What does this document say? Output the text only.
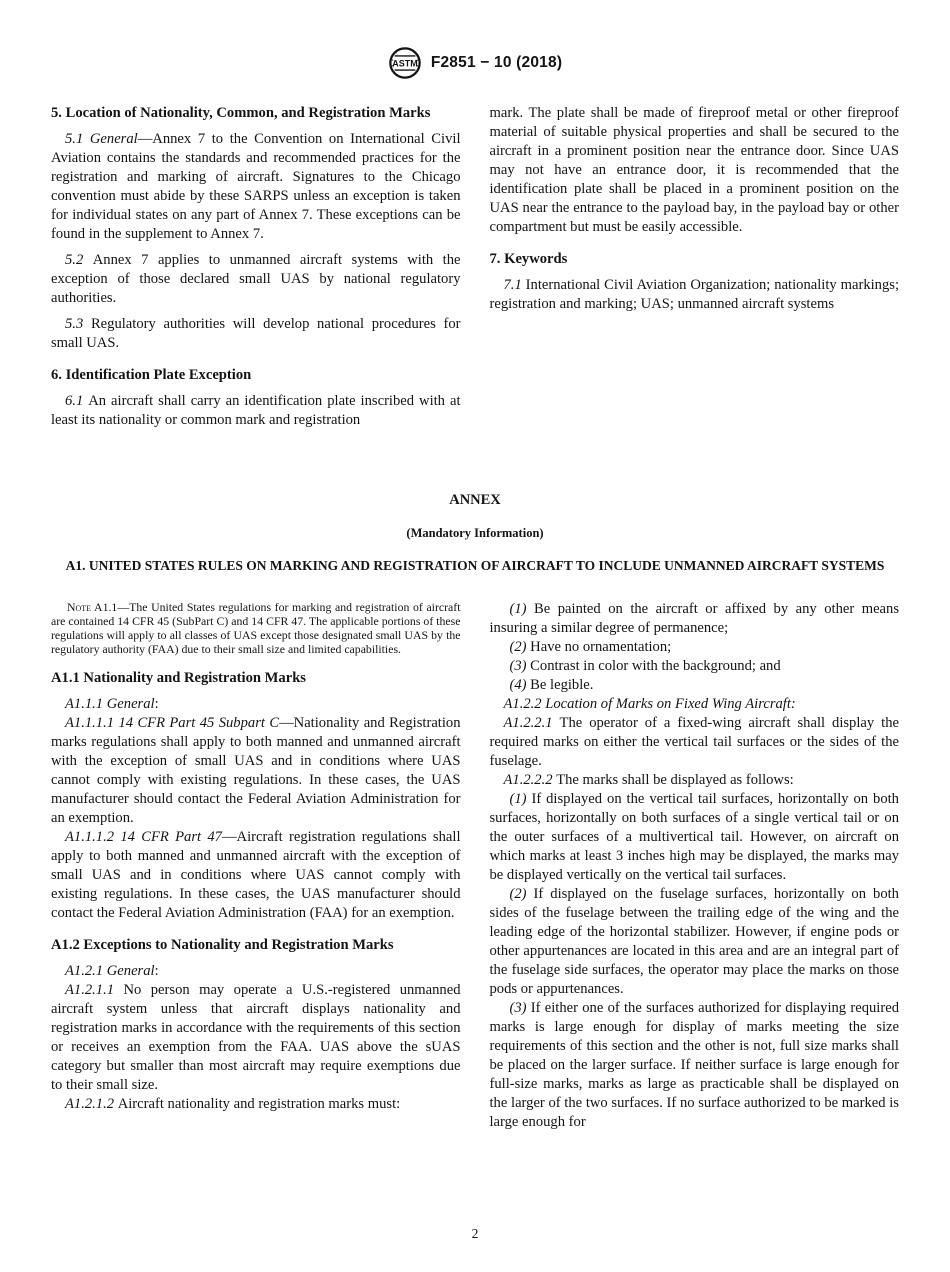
ASTM F2851 − 10 (2018)
5. Location of Nationality, Common, and Registration Marks
5.1 General—Annex 7 to the Convention on International Civil Aviation contains the standards and recommended practices for the registration and marking of aircraft. Signatures to the Chicago convention must abide by these SARPS unless an exception is taken for individual states on any part of Annex 7. These exceptions can be found in the supplement to Annex 7.
5.2 Annex 7 applies to unmanned aircraft systems with the exception of those declared small UAS by national regulatory authorities.
5.3 Regulatory authorities will develop national procedures for small UAS.
6. Identification Plate Exception
6.1 An aircraft shall carry an identification plate inscribed with at least its nationality or common mark and registration
mark. The plate shall be made of fireproof metal or other fireproof material of suitable physical properties and shall be secured to the aircraft in a prominent position near the entrance door. Since UAS may not have an entrance door, it is recommended that the identification plate shall be placed in a prominent position on the UAS near the entrance to the payload bay, in the payload bay or other compartment but must be easily accessible.
7. Keywords
7.1 International Civil Aviation Organization; nationality markings; registration and marking; UAS; unmanned aircraft systems
ANNEX
(Mandatory Information)
A1. UNITED STATES RULES ON MARKING AND REGISTRATION OF AIRCRAFT TO INCLUDE UNMANNED AIRCRAFT SYSTEMS
Note A1.1—The United States regulations for marking and registration of aircraft are contained 14 CFR 45 (SubPart C) and 14 CFR 47. The applicable portions of these regulations will apply to all classes of UAS except those designated small UAS by the regulatory authority (FAA) due to their small size and limited capabilities.
A1.1 Nationality and Registration Marks
A1.1.1 General:
A1.1.1.1 14 CFR Part 45 Subpart C—Nationality and Registration marks regulations shall apply to both manned and unmanned aircraft with the exception of small UAS and in conditions where UAS cannot comply with existing regulations. In these cases, the UAS manufacturer should contact the Federal Aviation Administration for an exemption.
A1.1.1.2 14 CFR Part 47—Aircraft registration regulations shall apply to both manned and unmanned aircraft with the exception of small UAS and in conditions where UAS cannot comply with existing regulations. In these cases, the UAS manufacturer should contact the Federal Aviation Administration (FAA) for an exemption.
A1.2 Exceptions to Nationality and Registration Marks
A1.2.1 General:
A1.2.1.1 No person may operate a U.S.-registered unmanned aircraft system unless that aircraft displays nationality and registration marks in accordance with the requirements of this section or receives an exemption from the FAA. UAS above the sUAS category but smaller than most aircraft may require exemptions due to their small size.
A1.2.1.2 Aircraft nationality and registration marks must:
(1) Be painted on the aircraft or affixed by any other means insuring a similar degree of permanence;
(2) Have no ornamentation;
(3) Contrast in color with the background; and
(4) Be legible.
A1.2.2 Location of Marks on Fixed Wing Aircraft:
A1.2.2.1 The operator of a fixed-wing aircraft shall display the required marks on either the vertical tail surfaces or the sides of the fuselage.
A1.2.2.2 The marks shall be displayed as follows:
(1) If displayed on the vertical tail surfaces, horizontally on both surfaces, horizontally on both surfaces of a single vertical tail or on the outer surfaces of a multivertical tail. However, on aircraft on which marks at least 3 inches high may be displayed, the marks may be displayed vertically on the vertical tail surfaces.
(2) If displayed on the fuselage surfaces, horizontally on both sides of the fuselage between the trailing edge of the wing and the leading edge of the horizontal stabilizer. However, if engine pods or other appurtenances are located in this area and are an integral part of the fuselage side surfaces, the operator may place the marks on those pods or appurtenances.
(3) If either one of the surfaces authorized for displaying required marks is large enough for display of marks meeting the size requirements of this section and the other is not, full size marks shall be placed on the larger surface. If neither surface is large enough for full-size marks, marks as large as practicable shall be displayed on the larger of the two surfaces. If no surface authorized to be marked is large enough for
2
